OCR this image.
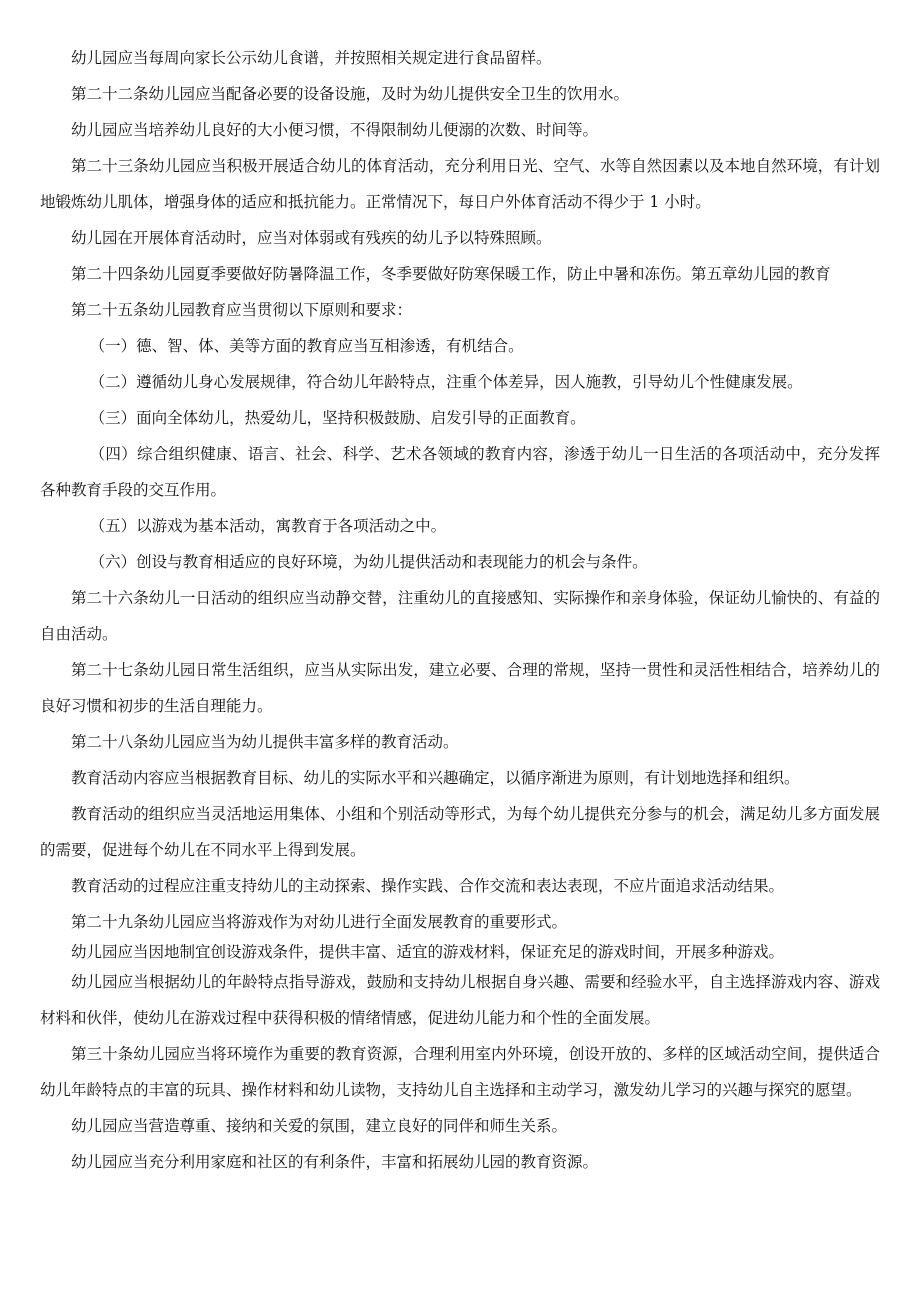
幼儿园应当每周向家长公示幼儿食谱，并按照相关规定进行食品留样。

第二十二条幼儿园应当配备必要的设备设施，及时为幼儿提供安全卫生的饮用水。

幼儿园应当培养幼儿良好的大小便习惯，不得限制幼儿便溺的次数、时间等。

第二十三条幼儿园应当积极开展适合幼儿的体育活动，充分利用日光、空气、水等自然因素以及本地自然环境，有计划地锻炼幼儿肌体，增强身体的适应和抵抗能力。正常情况下，每日户外体育活动不得少于 1 小时。

幼儿园在开展体育活动时，应当对体弱或有残疾的幼儿予以特殊照顾。

第二十四条幼儿园夏季要做好防暑降温工作，冬季要做好防寒保暖工作，防止中暑和冻伤。第五章幼儿园的教育

第二十五条幼儿园教育应当贯彻以下原则和要求：

（一）德、智、体、美等方面的教育应当互相渗透，有机结合。

（二）遵循幼儿身心发展规律，符合幼儿年龄特点，注重个体差异，因人施教，引导幼儿个性健康发展。

（三）面向全体幼儿，热爱幼儿，坚持积极鼓励、启发引导的正面教育。

（四）综合组织健康、语言、社会、科学、艺术各领域的教育内容，渗透于幼儿一日生活的各项活动中，充分发挥各种教育手段的交互作用。

（五）以游戏为基本活动，寓教育于各项活动之中。

（六）创设与教育相适应的良好环境，为幼儿提供活动和表现能力的机会与条件。

第二十六条幼儿一日活动的组织应当动静交替，注重幼儿的直接感知、实际操作和亲身体验，保证幼儿愉快的、有益的自由活动。

第二十七条幼儿园日常生活组织，应当从实际出发，建立必要、合理的常规，坚持一贯性和灵活性相结合，培养幼儿的良好习惯和初步的生活自理能力。

第二十八条幼儿园应当为幼儿提供丰富多样的教育活动。

教育活动内容应当根据教育目标、幼儿的实际水平和兴趣确定，以循序渐进为原则，有计划地选择和组织。

教育活动的组织应当灵活地运用集体、小组和个别活动等形式，为每个幼儿提供充分参与的机会，满足幼儿多方面发展的需要，促进每个幼儿在不同水平上得到发展。

教育活动的过程应注重支持幼儿的主动探索、操作实践、合作交流和表达表现，不应片面追求活动结果。

第二十九条幼儿园应当将游戏作为对幼儿进行全面发展教育的重要形式。

幼儿园应当因地制宜创设游戏条件，提供丰富、适宜的游戏材料，保证充足的游戏时间，开展多种游戏。

幼儿园应当根据幼儿的年龄特点指导游戏，鼓励和支持幼儿根据自身兴趣、需要和经验水平，自主选择游戏内容、游戏材料和伙伴，使幼儿在游戏过程中获得积极的情绪情感，促进幼儿能力和个性的全面发展。

第三十条幼儿园应当将环境作为重要的教育资源，合理利用室内外环境，创设开放的、多样的区域活动空间，提供适合幼儿年龄特点的丰富的玩具、操作材料和幼儿读物，支持幼儿自主选择和主动学习，激发幼儿学习的兴趣与探究的愿望。

幼儿园应当营造尊重、接纳和关爱的氛围，建立良好的同伴和师生关系。

幼儿园应当充分利用家庭和社区的有利条件，丰富和拓展幼儿园的教育资源。
